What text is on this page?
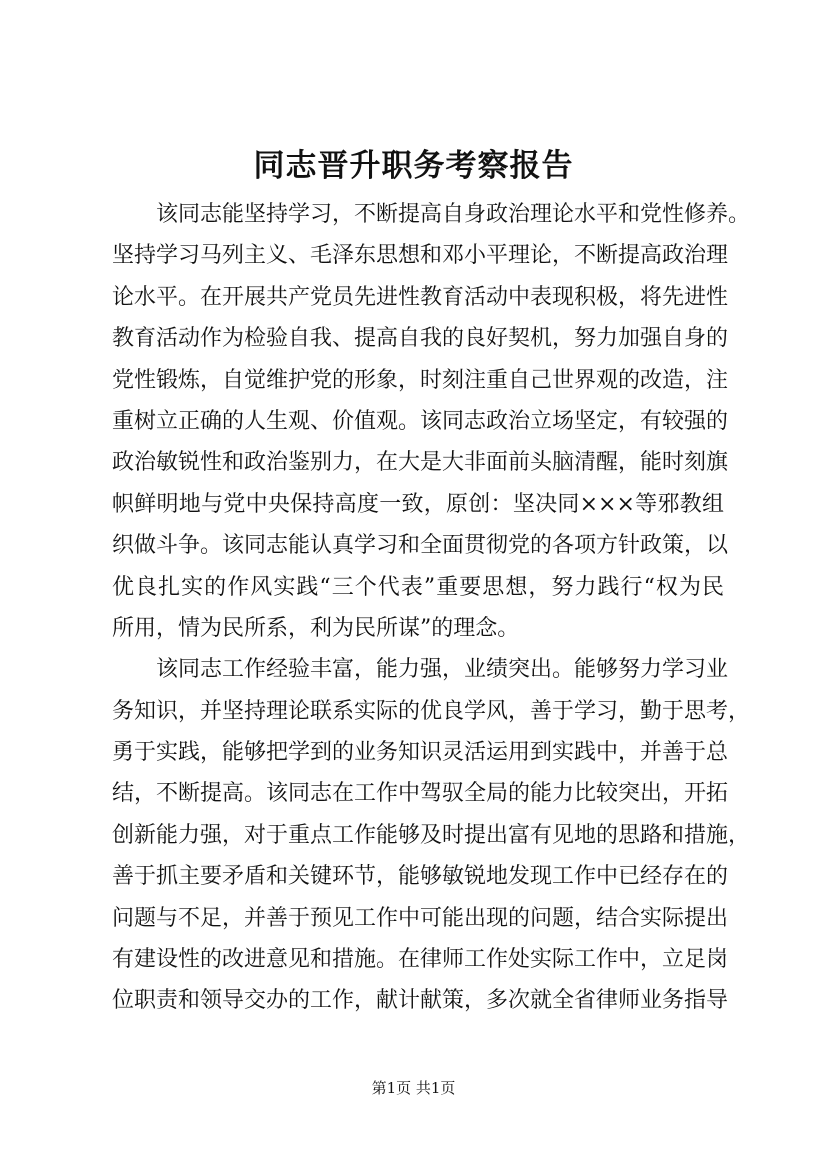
同志晋升职务考察报告
该同志能坚持学习，不断提高自身政治理论水平和党性修养。
坚持学习马列主义、毛泽东思想和邓小平理论，不断提高政治理
论水平。在开展共产党员先进性教育活动中表现积极，将先进性
教育活动作为检验自我、提高自我的良好契机，努力加强自身的
党性锻炼，自觉维护党的形象，时刻注重自己世界观的改造，注
重树立正确的人生观、价值观。该同志政治立场坚定，有较强的
政治敏锐性和政治鉴别力，在大是大非面前头脑清醒，能时刻旗
帜鲜明地与党中央保持高度一致，原创：坚决同×××等邪教组
织做斗争。该同志能认真学习和全面贯彻党的各项方针政策，以
优良扎实的作风实践“三个代表”重要思想，努力践行“权为民
所用，情为民所系，利为民所谋”的理念。
该同志工作经验丰富，能力强，业绩突出。能够努力学习业
务知识，并坚持理论联系实际的优良学风，善于学习，勤于思考，
勇于实践，能够把学到的业务知识灵活运用到实践中，并善于总
结，不断提高。该同志在工作中驾驭全局的能力比较突出，开拓
创新能力强，对于重点工作能够及时提出富有见地的思路和措施，
善于抓主要矛盾和关键环节，能够敏锐地发现工作中已经存在的
问题与不足，并善于预见工作中可能出现的问题，结合实际提出
有建设性的改进意见和措施。在律师工作处实际工作中，立足岗
位职责和领导交办的工作，献计献策，多次就全省律师业务指导
第1页 共1页
